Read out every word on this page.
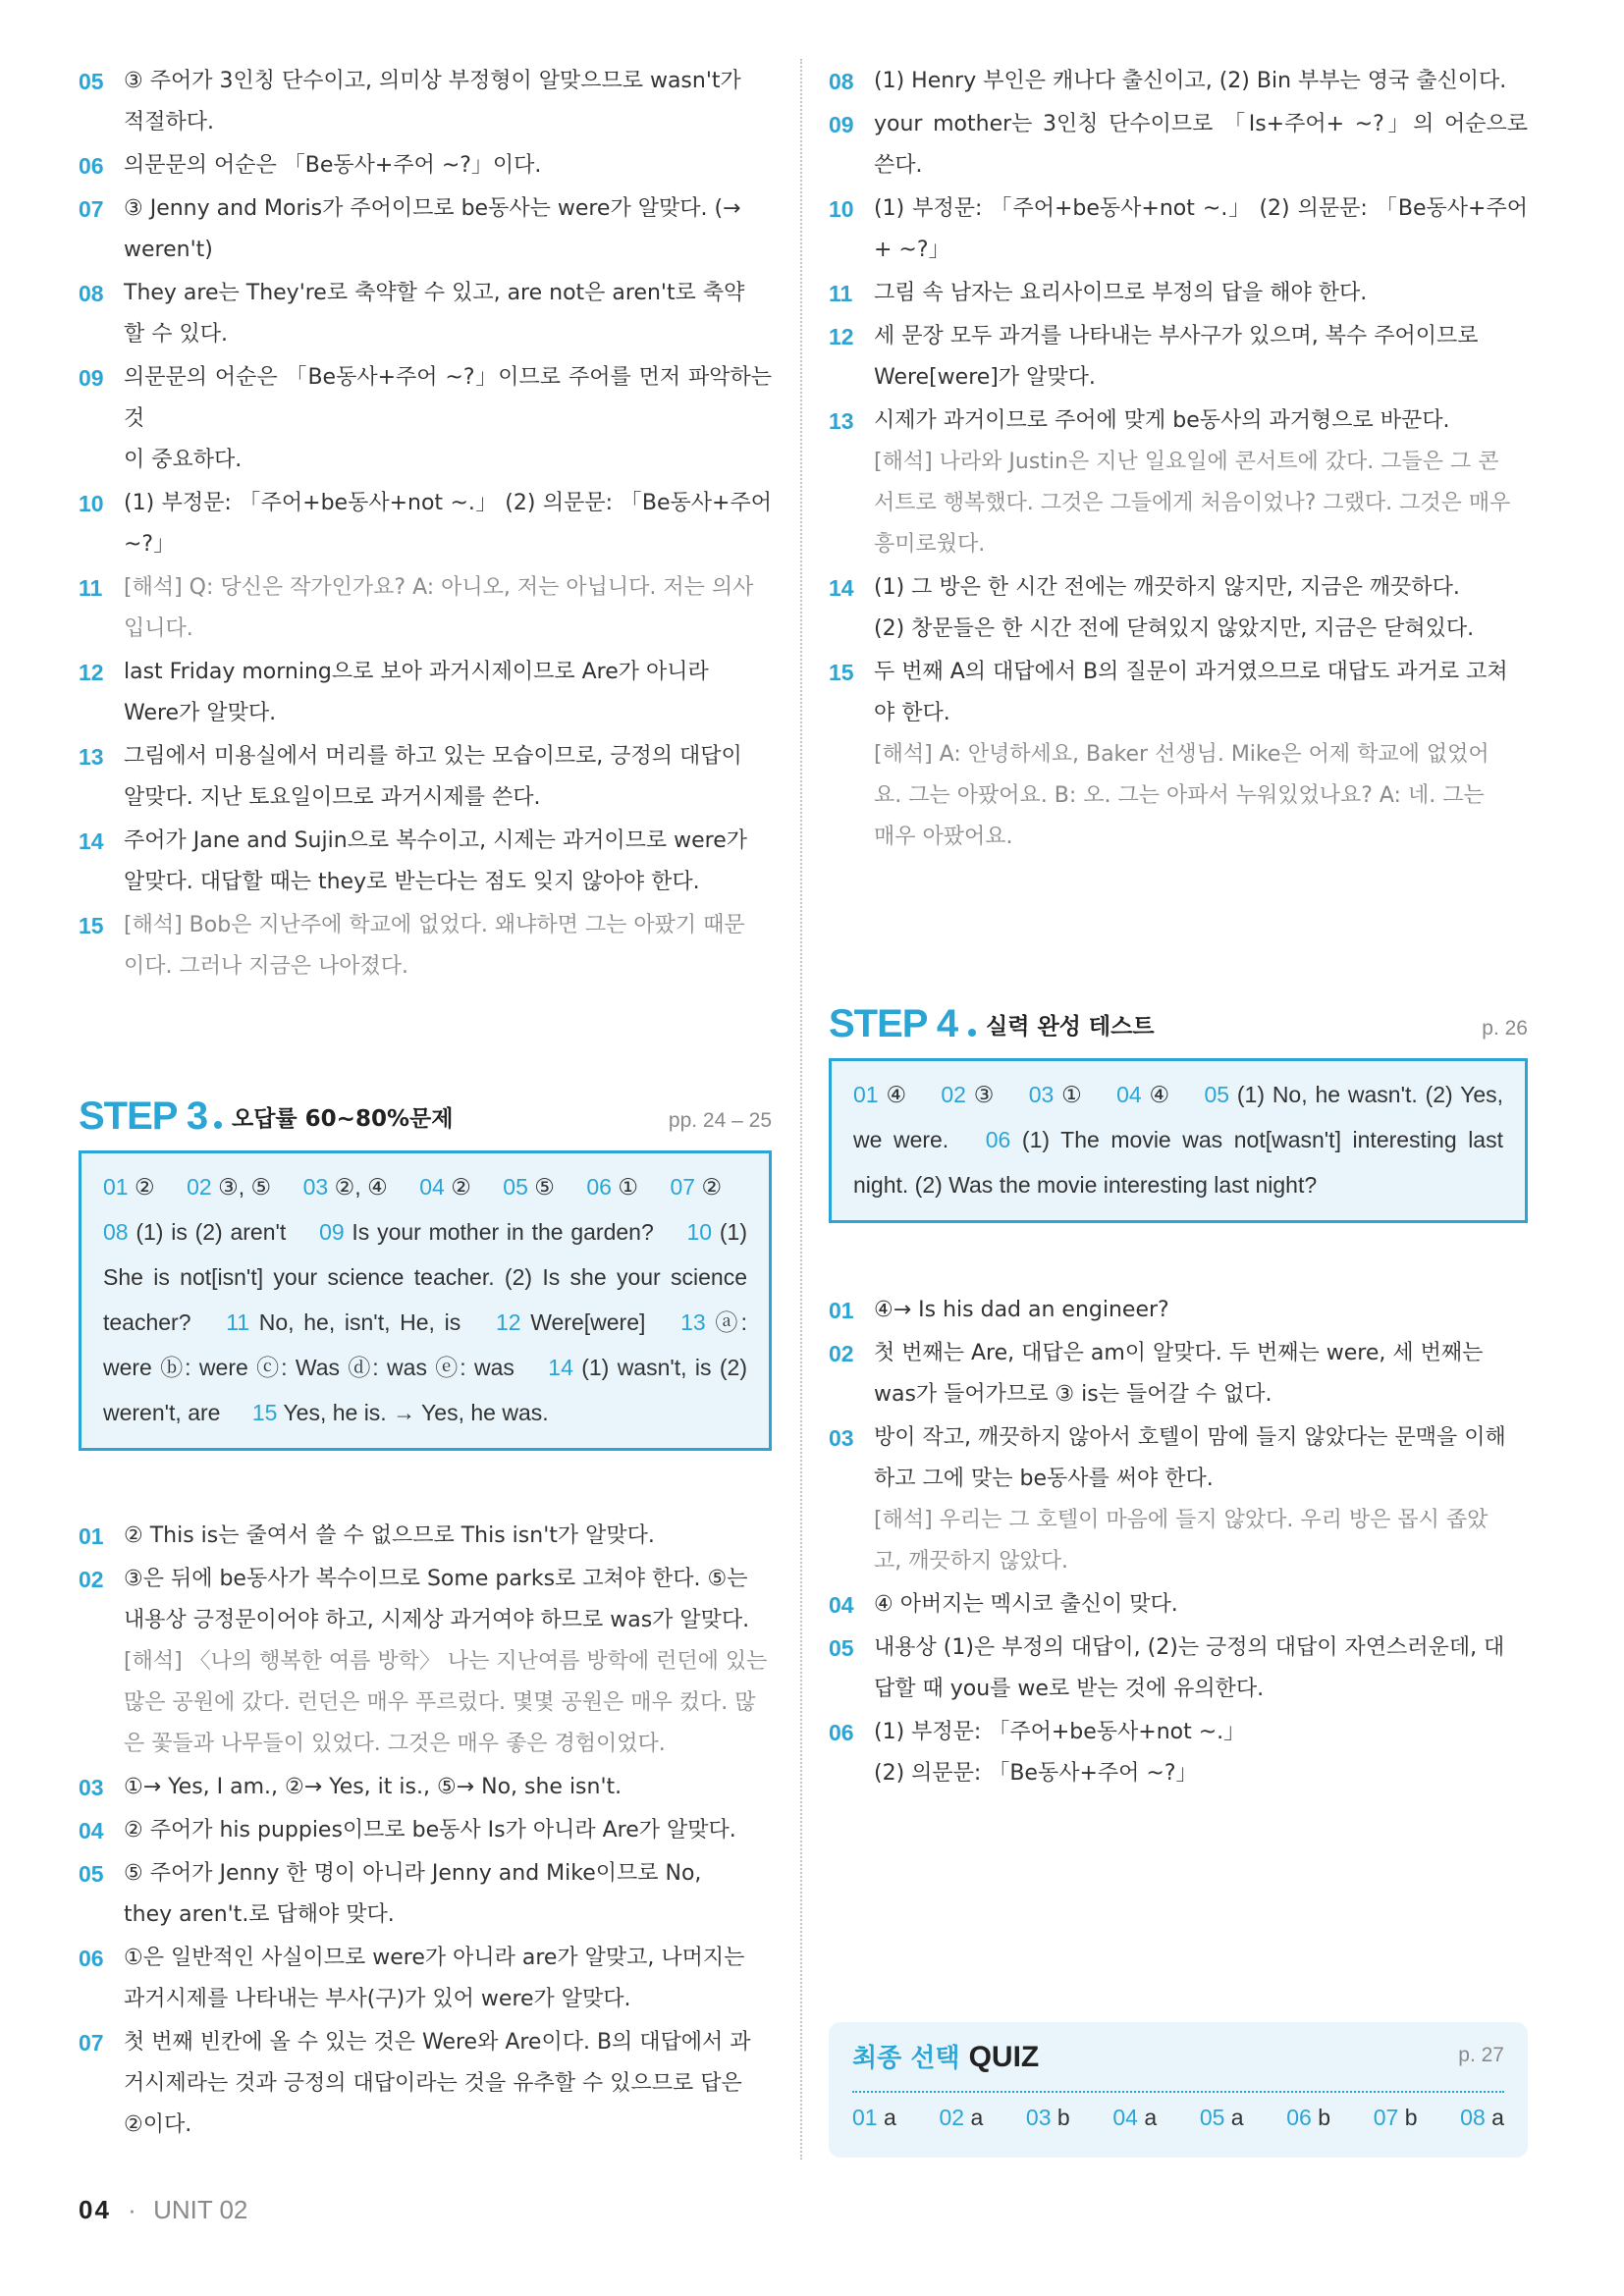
05 ③ 주어가 3인칭 단수이고, 의미상 부정형이 알맞으므로 wasn't가
적절하다.
06 의문문의 어순은 「Be동사+주어 ~?」이다.
07 ③ Jenny and Moris가 주어이므로 be동사는 were가 알맞다. (→
weren't)
08 They are는 They're로 축약할 수 있고, are not은 aren't로 축약
할 수 있다.
09 의문문의 어순은 「Be동사+주어 ~?」이므로 주어를 먼저 파악하는 것
이 중요하다.
10 (1) 부정문: 「주어+be동사+not ~.」 (2) 의문문: 「Be동사+주어 ~?」
11 [해석] Q: 당신은 작가인가요? A: 아니오, 저는 아닙니다. 저는 의사
입니다.
12 last Friday morning으로 보아 과거시제이므로 Are가 아니라
Were가 알맞다.
13 그림에서 미용실에서 머리를 하고 있는 모습이므로, 긍정의 대답이
알맞다. 지난 토요일이므로 과거시제를 쓴다.
14 주어가 Jane and Sujin으로 복수이고, 시제는 과거이므로 were가
알맞다. 대답할 때는 they로 받는다는 점도 잊지 않아야 한다.
15 [해석] Bob은 지난주에 학교에 없었다. 왜냐하면 그는 아팠기 때문
이다. 그러나 지금은 나아졌다.
STEP 3 오답률 60~80%문제	pp. 24 – 25
01 ② 02 ③, ⑤ 03 ②, ④ 04 ② 05 ⑤ 06 ① 07 ② 08 (1) is (2) aren't 09 Is your mother in the garden? 10 (1) She is not[isn't] your science teacher. (2) Is she your science teacher? 11 No, he, isn't, He, is 12 Were[were] 13 ⓐ: were ⓑ: were ⓒ: Was ⓓ: was ⓔ: was 14 (1) wasn't, is (2) weren't, are 15 Yes, he is. → Yes, he was.
01 ② This is는 줄여서 쓸 수 없으므로 This isn't가 알맞다.
02 ③은 뒤에 be동사가 복수이므로 Some parks로 고쳐야 한다. ⑤는
내용상 긍정문이어야 하고, 시제상 과거여야 하므로 was가 알맞다.
[해석] 〈나의 행복한 여름 방학〉 나는 지난여름 방학에 런던에 있는
많은 공원에 갔다. 런던은 매우 푸르렀다. 몇몇 공원은 매우 컸다. 많
은 꽃들과 나무들이 있었다. 그것은 매우 좋은 경험이었다.
03 ①→ Yes, I am., ②→ Yes, it is., ⑤→ No, she isn't.
04 ② 주어가 his puppies이므로 be동사 Is가 아니라 Are가 알맞다.
05 ⑤ 주어가 Jenny 한 명이 아니라 Jenny and Mike이므로 No,
they aren't.로 답해야 맞다.
06 ①은 일반적인 사실이므로 were가 아니라 are가 알맞고, 나머지는
과거시제를 나타내는 부사(구)가 있어 were가 알맞다.
07 첫 번째 빈칸에 올 수 있는 것은 Were와 Are이다. B의 대답에서 과
거시제라는 것과 긍정의 대답이라는 것을 유추할 수 있으므로 답은
②이다.
08 (1) Henry 부인은 캐나다 출신이고, (2) Bin 부부는 영국 출신이다.
09 your mother는 3인칭 단수이므로 「Is+주어+ ~?」의 어순으로 쓴다.
10 (1) 부정문: 「주어+be동사+not ~.」 (2) 의문문: 「Be동사+주어+ ~?」
11 그림 속 남자는 요리사이므로 부정의 답을 해야 한다.
12 세 문장 모두 과거를 나타내는 부사구가 있으며, 복수 주어이므로
Were[were]가 알맞다.
13 시제가 과거이므로 주어에 맞게 be동사의 과거형으로 바꾼다.
[해석] 나라와 Justin은 지난 일요일에 콘서트에 갔다. 그들은 그 콘
서트로 행복했다. 그것은 그들에게 처음이었나? 그랬다. 그것은 매우
흥미로웠다.
14 (1) 그 방은 한 시간 전에는 깨끗하지 않지만, 지금은 깨끗하다.
(2) 창문들은 한 시간 전에 닫혀있지 않았지만, 지금은 닫혀있다.
15 두 번째 A의 대답에서 B의 질문이 과거였으므로 대답도 과거로 고쳐
야 한다.
[해석] A: 안녕하세요, Baker 선생님. Mike은 어제 학교에 없었어
요. 그는 아팠어요. B: 오. 그는 아파서 누워있었나요? A: 네. 그는
매우 아팠어요.
STEP 4 실력 완성 테스트	p. 26
01 ④ 02 ③ 03 ① 04 ④ 05 (1) No, he wasn't. (2) Yes, we were. 06 (1) The movie was not[wasn't] interesting last night. (2) Was the movie interesting last night?
01 ④→ Is his dad an engineer?
02 첫 번째는 Are, 대답은 am이 알맞다. 두 번째는 were, 세 번째는
was가 들어가므로 ③ is는 들어갈 수 없다.
03 방이 작고, 깨끗하지 않아서 호텔이 맘에 들지 않았다는 문맥을 이해
하고 그에 맞는 be동사를 써야 한다.
[해석] 우리는 그 호텔이 마음에 들지 않았다. 우리 방은 몹시 좁았
고, 깨끗하지 않았다.
04 ④ 아버지는 멕시코 출신이 맞다.
05 내용상 (1)은 부정의 대답이, (2)는 긍정의 대답이 자연스러운데, 대
답할 때 you를 we로 받는 것에 유의한다.
06 (1) 부정문: 「주어+be동사+not ~.」
(2) 의문문: 「Be동사+주어 ~?」
최종 선택 QUIZ	p. 27
01 a 02 a 03 b 04 a 05 a 06 b 07 b 08 a
04 · UNIT 02
